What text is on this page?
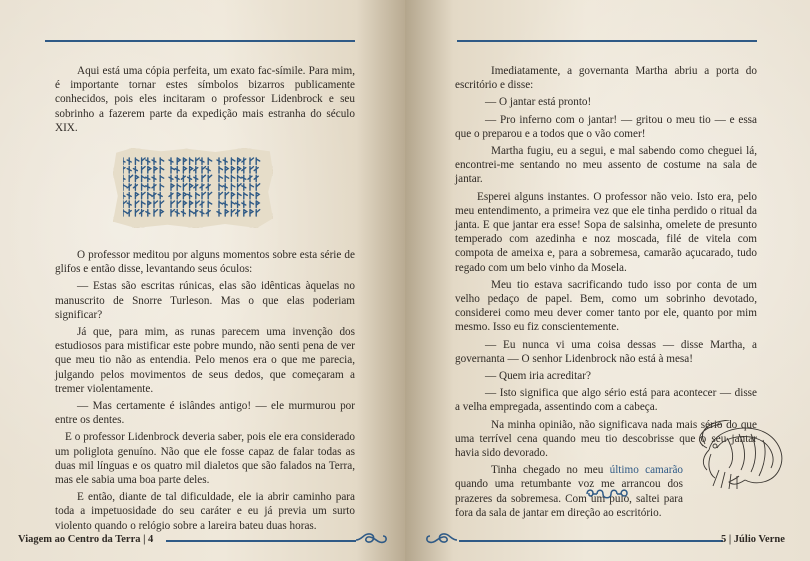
Aqui está uma cópia perfeita, um exato fac-símile. Para mim, é importante tornar estes símbolos bizarros publicamente conhecidos, pois eles incitaram o professor Lidenbrock e seu sobrinho a fazerem parte da expedição mais estranha do século XIX.

O professor meditou por alguns momentos sobre esta série de glifos e então disse, levantando seus óculos:

— Estas são escritas rúnicas, elas são idênticas àquelas no manuscrito de Snorre Turleson. Mas o que elas poderiam significar?

Já que, para mim, as runas parecem uma invenção dos estudiosos para mistificar este pobre mundo, não senti pena de ver que meu tio não as entendia. Pelo menos era o que me parecia, julgando pelos movimentos de seus dedos, que começaram a tremer violentamente.

— Mas certamente é islândes antigo! — ele murmurou por entre os dentes.

E o professor Lidenbrock deveria saber, pois ele era considerado um poliglota genuíno. Não que ele fosse capaz de falar todas as duas mil línguas e os quatro mil dialetos que são falados na Terra, mas ele sabia uma boa parte deles.

E então, diante de tal dificuldade, ele ia abrir caminho para toda a impetuosidade do seu caráter e eu já previa um surto violento quando o relógio sobre a lareira bateu duas horas.

Viagem ao Centro da Terra | 4

Imediatamente, a governanta Martha abriu a porta do escritório e disse:

— O jantar está pronto!

— Pro inferno com o jantar! — gritou o meu tio — e essa que o preparou e a todos que o vão comer!

Martha fugiu, eu a segui, e mal sabendo como cheguei lá, encontrei-me sentando no meu assento de costume na sala de jantar.

Esperei alguns instantes. O professor não veio. Isto era, pelo meu entendimento, a primeira vez que ele tinha perdido o ritual da janta. E que jantar era esse! Sopa de salsinha, omelete de presunto temperado com azedinha e noz moscada, filé de vitela com compota de ameixa e, para a sobremesa, camarão açucarado, tudo regado com um belo vinho da Mosela.

Meu tio estava sacrificando tudo isso por conta de um velho pedaço de papel. Bem, como um sobrinho devotado, considerei como meu dever comer tanto por ele, quanto por mim mesmo. Isso eu fiz conscientemente.

— Eu nunca vi uma coisa dessas — disse Martha, a governanta — O senhor Lidenbrock não está à mesa!

— Quem iria acreditar?

— Isto significa que algo sério está para acontecer — disse a velha empregada, assentindo com a cabeça.

Na minha opinião, não significava nada mais sério do que uma terrível cena quando meu tio descobrisse que o seu jantar havia sido devorado.

Tinha chegado no meu último camarão quando uma retumbante voz me arrancou dos prazeres da sobremesa. Com um pulo, saltei para fora da sala de jantar em direção ao escritório.

5 | Júlio Verne
